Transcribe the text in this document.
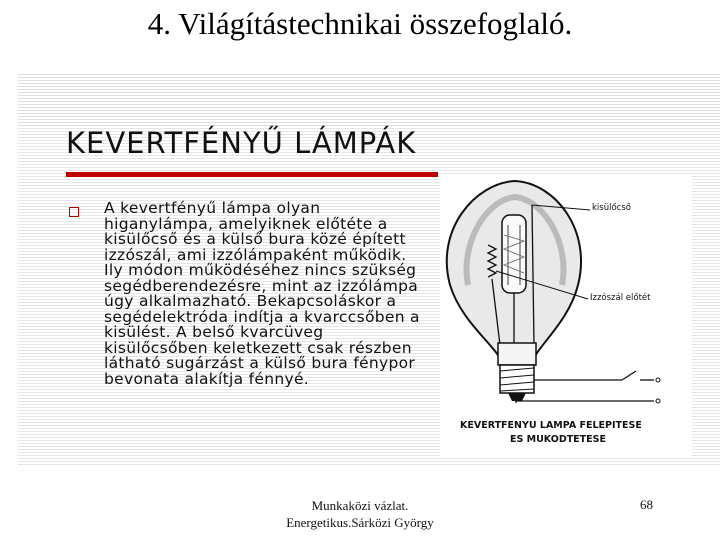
4. Világítástechnikai összefoglaló.
KEVERTFÉNYŰ LÁMPÁK
A kevertfényű lámpa olyan higanylámpa, amelyiknek előtéte a kisülőcső és a külső bura közé épített izzószál, ami izzólámpaként működik. Ily módon működéséhez nincs szükség segédberendezésre, mint az izzólámpa úgy alkalmazható. Bekapcsoláskor a segédelektróda indítja a kvarccsőben a kisülést. A belső kvarcüveg kisülőcsőben keletkezett csak részben látható sugárzást a külső bura fénypor bevonata alakítja fénnyé.
kisülőcső
Izzószál előtét
KEVERTFENYU LAMPA FELEPITESE
ES MUKODTETESE
Munkaközi vázlat.
Energetikus.Sárközi György
68
